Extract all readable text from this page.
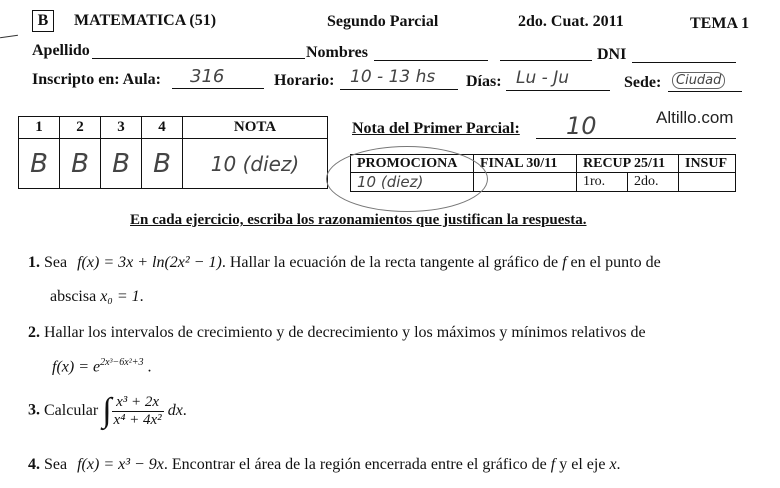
B	MATEMATICA (51)	Segundo Parcial	2do. Cuat. 2011	TEMA 1
Apellido	Nombres	DNI
Inscripto en: Aula: 316	Horario: 10 - 13 hs Días: Lu - Ju	Sede:	Ciudad
Altillo.com
1	2	3	4	NOTA
B	B	B	B	10 (diez)
Nota del Primer Parcial: 10
PROMOCIONA	FINAL 30/11	RECUP 25/11		INSUF
10 (diez)		1ro.	2do.	
En cada ejercicio, escriba los razonamientos que justifican la respuesta.
1. Sea f(x) = 3x + ln(2x² − 1). Hallar la ecuación de la recta tangente al gráfico de f en el punto de
abscisa x₀ = 1.
2. Hallar los intervalos de crecimiento y de decrecimiento y los máximos y mínimos relativos de
$f(x) = e^{2x^3-6x^2+3}$ .
3. Calcular ∫ $\frac{\text{x³ + 2x}}{\text{x⁴ + 4x²}}$ dx.
4. Sea f(x) = x³ − 9x. Encontrar el área de la región encerrada entre el gráfico de f y el eje x.
